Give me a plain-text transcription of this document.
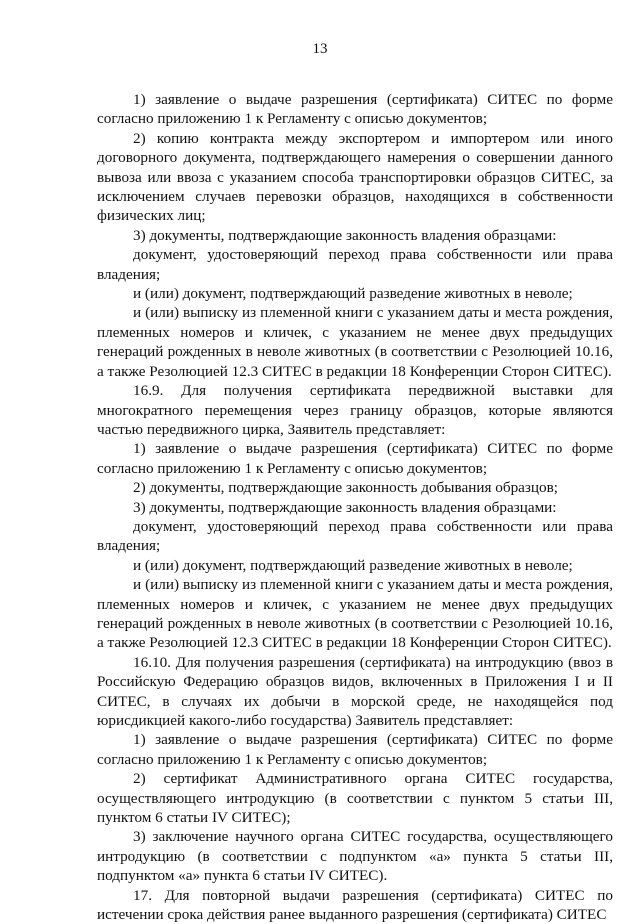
13

1) заявление о выдаче разрешения (сертификата) СИТЕС по форме согласно приложению 1 к Регламенту с описью документов;

2) копию контракта между экспортером и импортером или иного договорного документа, подтверждающего намерения о совершении данного вывоза или ввоза с указанием способа транспортировки образцов СИТЕС, за исключением случаев перевозки образцов, находящихся в собственности физических лиц;

3) документы, подтверждающие законность владения образцами:

документ, удостоверяющий переход права собственности или права владения;

и (или) документ, подтверждающий разведение животных в неволе;

и (или) выписку из племенной книги с указанием даты и места рождения, племенных номеров и кличек, с указанием не менее двух предыдущих генераций рожденных в неволе животных (в соответствии с Резолюцией 10.16, а также Резолюцией 12.3 СИТЕС в редакции 18 Конференции Сторон СИТЕС).

16.9. Для получения сертификата передвижной выставки для многократного перемещения через границу образцов, которые являются частью передвижного цирка, Заявитель представляет:

1) заявление о выдаче разрешения (сертификата) СИТЕС по форме согласно приложению 1 к Регламенту с описью документов;

2) документы, подтверждающие законность добывания образцов;

3) документы, подтверждающие законность владения образцами:

документ, удостоверяющий переход права собственности или права владения;

и (или) документ, подтверждающий разведение животных в неволе;

и (или) выписку из племенной книги с указанием даты и места рождения, племенных номеров и кличек, с указанием не менее двух предыдущих генераций рожденных в неволе животных (в соответствии с Резолюцией 10.16, а также Резолюцией 12.3 СИТЕС в редакции 18 Конференции Сторон СИТЕС).

16.10. Для получения разрешения (сертификата) на интродукцию (ввоз в Российскую Федерацию образцов видов, включенных в Приложения I и II СИТЕС, в случаях их добычи в морской среде, не находящейся под юрисдикцией какого-либо государства) Заявитель представляет:

1) заявление о выдаче разрешения (сертификата) СИТЕС по форме согласно приложению 1 к Регламенту с описью документов;

2) сертификат Административного органа СИТЕС государства, осуществляющего интродукцию (в соответствии с пунктом 5 статьи III, пунктом 6 статьи IV СИТЕС);

3) заключение научного органа СИТЕС государства, осуществляющего интродукцию (в соответствии с подпунктом «а» пункта 5 статьи III, подпунктом «а» пункта 6 статьи IV СИТЕС).

17. Для повторной выдачи разрешения (сертификата) СИТЕС по истечении срока действия ранее выданного разрешения (сертификата) СИТЕС
